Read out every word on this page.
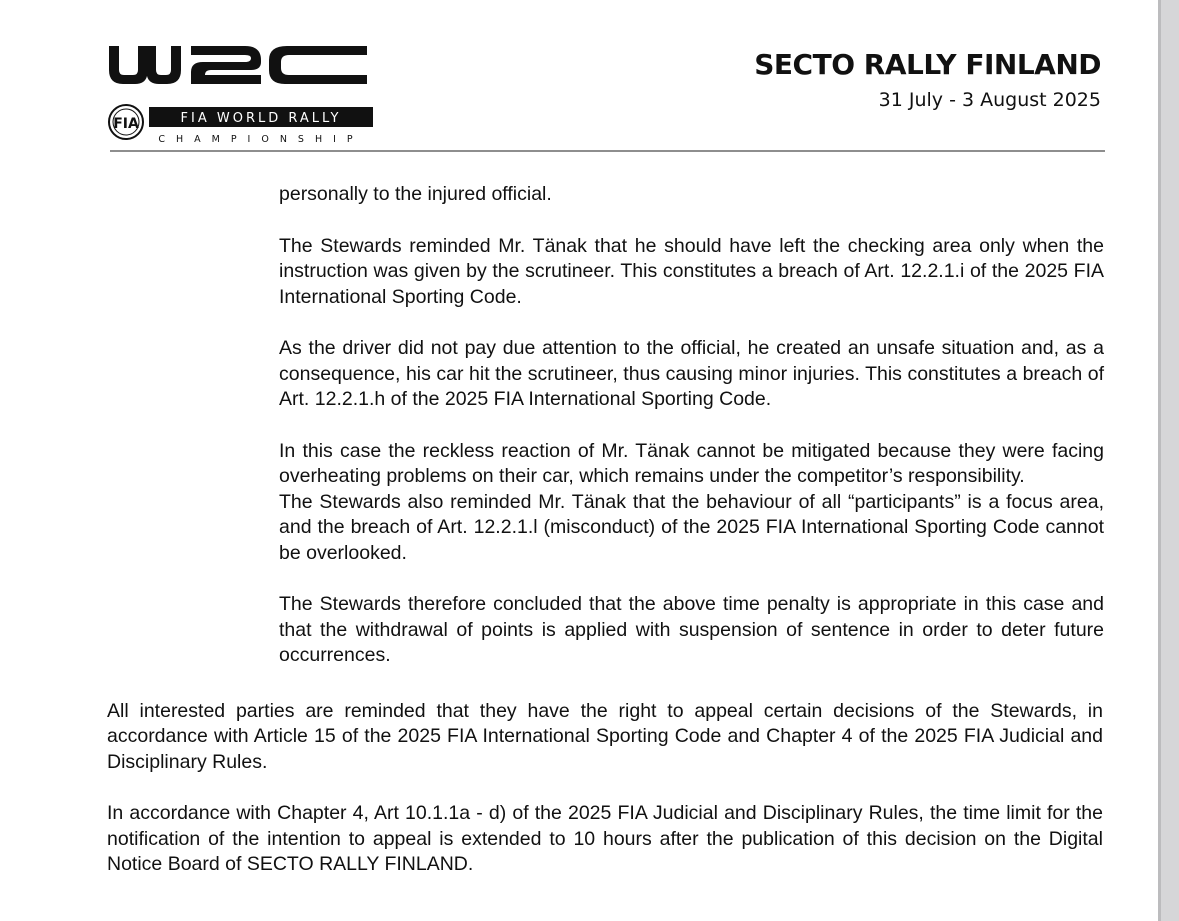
FIA	FIA WORLD RALLY
CHAMPIONSHIP
SECTO RALLY FINLAND
31 July - 3 August 2025

personally to the injured official.

The Stewards reminded Mr. Tänak that he should have left the checking area only when the instruction was given by the scrutineer. This constitutes a breach of Art. 12.2.1.i of the 2025 FIA International Sporting Code.

As the driver did not pay due attention to the official, he created an unsafe situation and, as a consequence, his car hit the scrutineer, thus causing minor injuries. This constitutes a breach of Art. 12.2.1.h of the 2025 FIA International Sporting Code.

In this case the reckless reaction of Mr. Tänak cannot be mitigated because they were facing overheating problems on their car, which remains under the competitor’s responsibility.

The Stewards also reminded Mr. Tänak that the behaviour of all “participants” is a focus area, and the breach of Art. 12.2.1.l (misconduct) of the 2025 FIA International Sporting Code cannot be overlooked.

The Stewards therefore concluded that the above time penalty is appropriate in this case and that the withdrawal of points is applied with suspension of sentence in order to deter future occurrences.

All interested parties are reminded that they have the right to appeal certain decisions of the Stewards, in accordance with Article 15 of the 2025 FIA International Sporting Code and Chapter 4 of the 2025 FIA Judicial and Disciplinary Rules.

In accordance with Chapter 4, Art 10.1.1a - d) of the 2025 FIA Judicial and Disciplinary Rules, the time limit for the notification of the intention to appeal is extended to 10 hours after the publication of this decision on the Digital Notice Board of SECTO RALLY FINLAND.
